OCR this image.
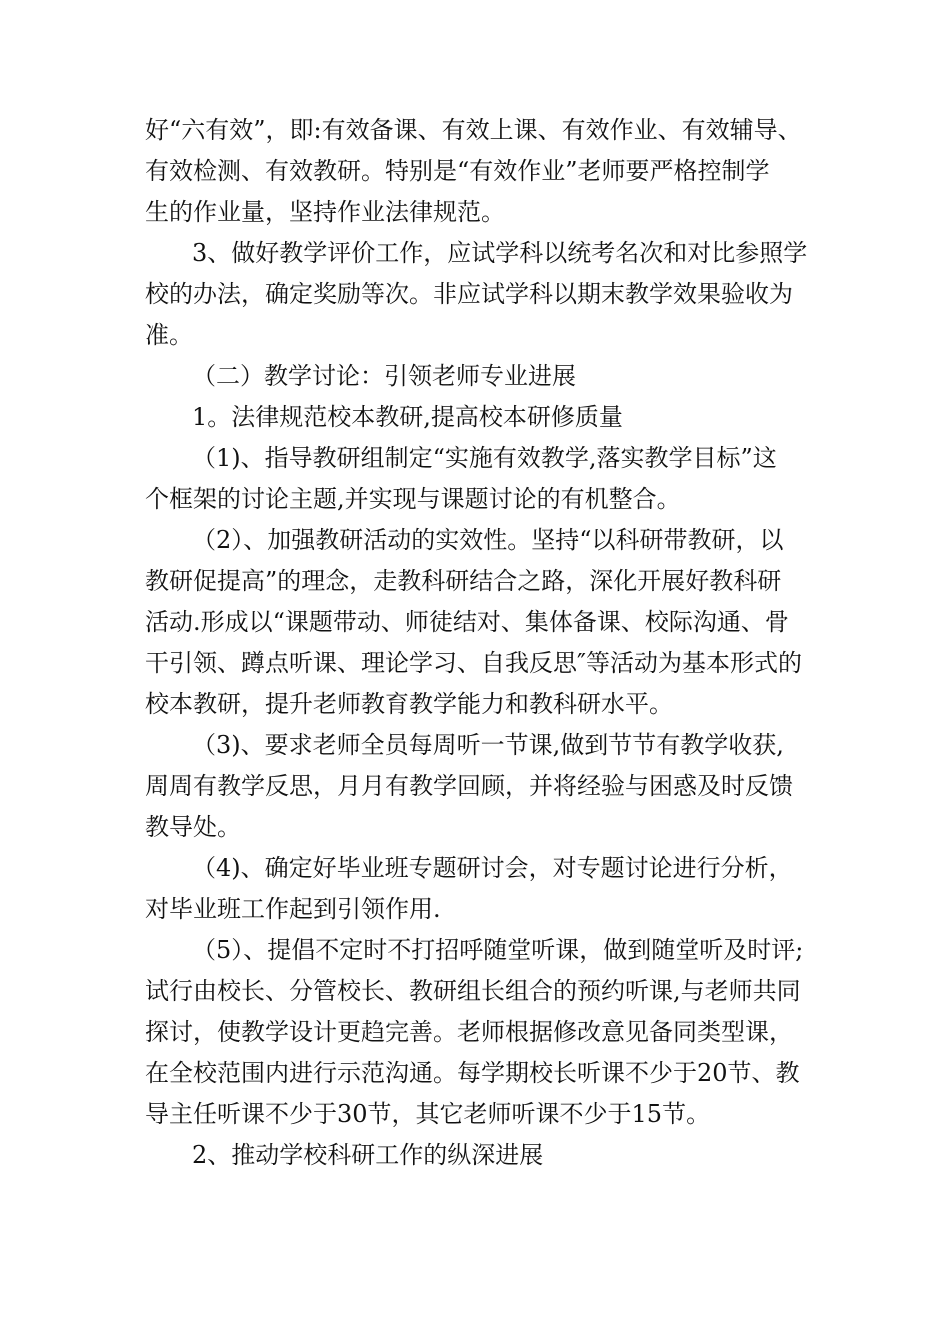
好“六有效”，即:有效备课、有效上课、有效作业、有效辅导、
有效检测、有效教研。特别是“有效作业”老师要严格控制学
生的作业量，坚持作业法律规范。
3、做好教学评价工作，应试学科以统考名次和对比参照学
校的办法，确定奖励等次。非应试学科以期末教学效果验收为
准。
（二）教学讨论：引领老师专业进展
1。法律规范校本教研,提高校本研修质量
（1)、指导教研组制定“实施有效教学,落实教学目标”这
个框架的讨论主题,并实现与课题讨论的有机整合。
（2）、加强教研活动的实效性。坚持“以科研带教研，以
教研促提高”的理念，走教科研结合之路，深化开展好教科研
活动.形成以“课题带动、师徒结对、集体备课、校际沟通、骨
干引领、蹲点听课、理论学习、自我反思″等活动为基本形式的
校本教研，提升老师教育教学能力和教科研水平。
（3)、要求老师全员每周听一节课,做到节节有教学收获,
周周有教学反思，月月有教学回顾，并将经验与困惑及时反馈
教导处。
（4)、确定好毕业班专题研讨会，对专题讨论进行分析，
对毕业班工作起到引领作用.
（5）、提倡不定时不打招呼随堂听课，做到随堂听及时评;
试行由校长、分管校长、教研组长组合的预约听课,与老师共同
探讨，使教学设计更趋完善。老师根据修改意见备同类型课，
在全校范围内进行示范沟通。每学期校长听课不少于20节、教
导主任听课不少于30节，其它老师听课不少于15节。
2、推动学校科研工作的纵深进展
